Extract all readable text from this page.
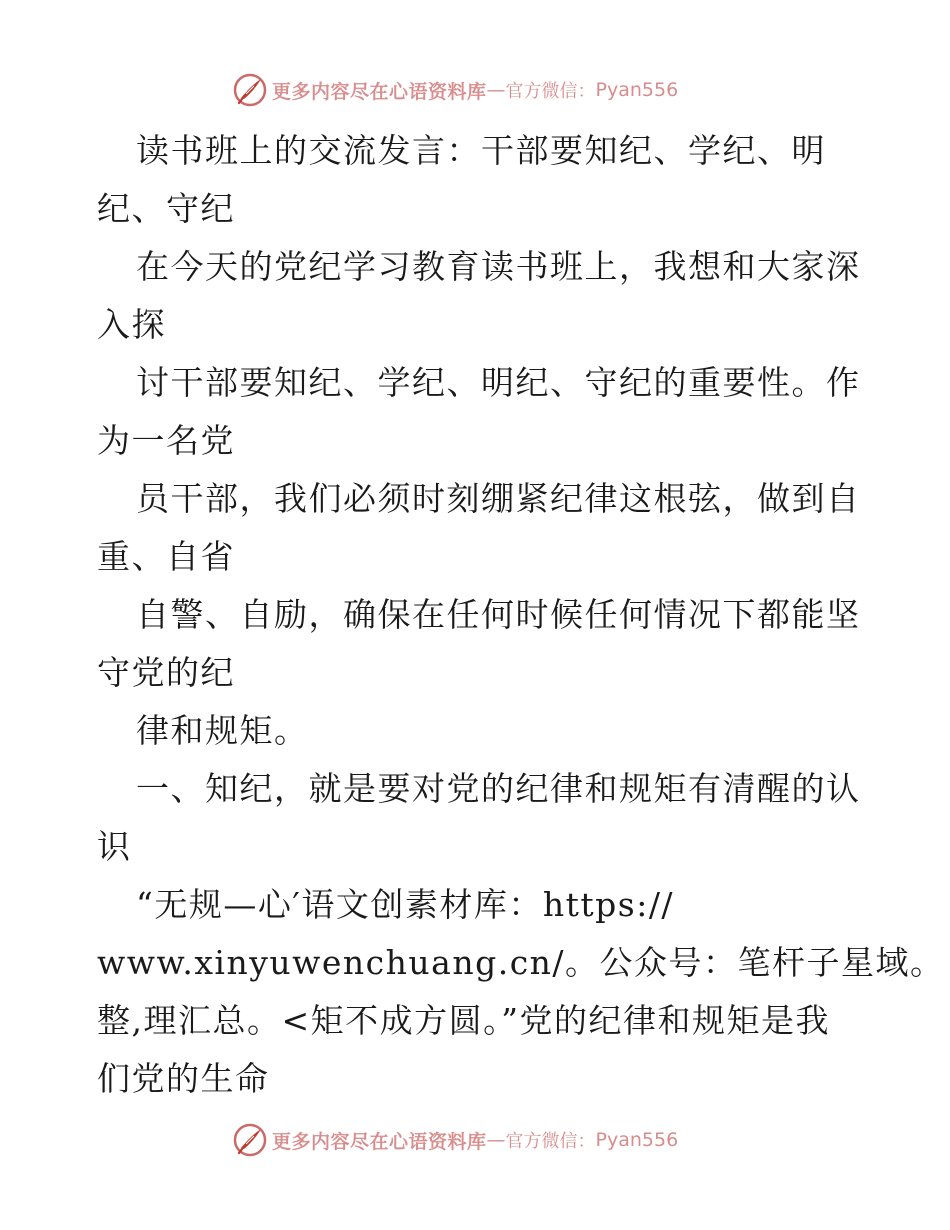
更多内容尽在心语资料库 — 官方微信： Pyan556
读书班上的交流发言：干部要知纪、学纪、明
纪、守纪
在今天的党纪学习教育读书班上，我想和大家深
入探
讨干部要知纪、学纪、明纪、守纪的重要性。作
为一名党
员干部，我们必须时刻绷紧纪律这根弦，做到自
重、自省
自警、自励，确保在任何时候任何情况下都能坚
守党的纪
律和规矩。
一、知纪，就是要对党的纪律和规矩有清醒的认
识
“无规—心′语文创素材库：https://
www.xinyuwenchuang.cn/。公众号：笔杆子星域。
整,理汇总。<矩不成方圆。”党的纪律和规矩是我
们党的生命
更多内容尽在心语资料库 — 官方微信： Pyan556
